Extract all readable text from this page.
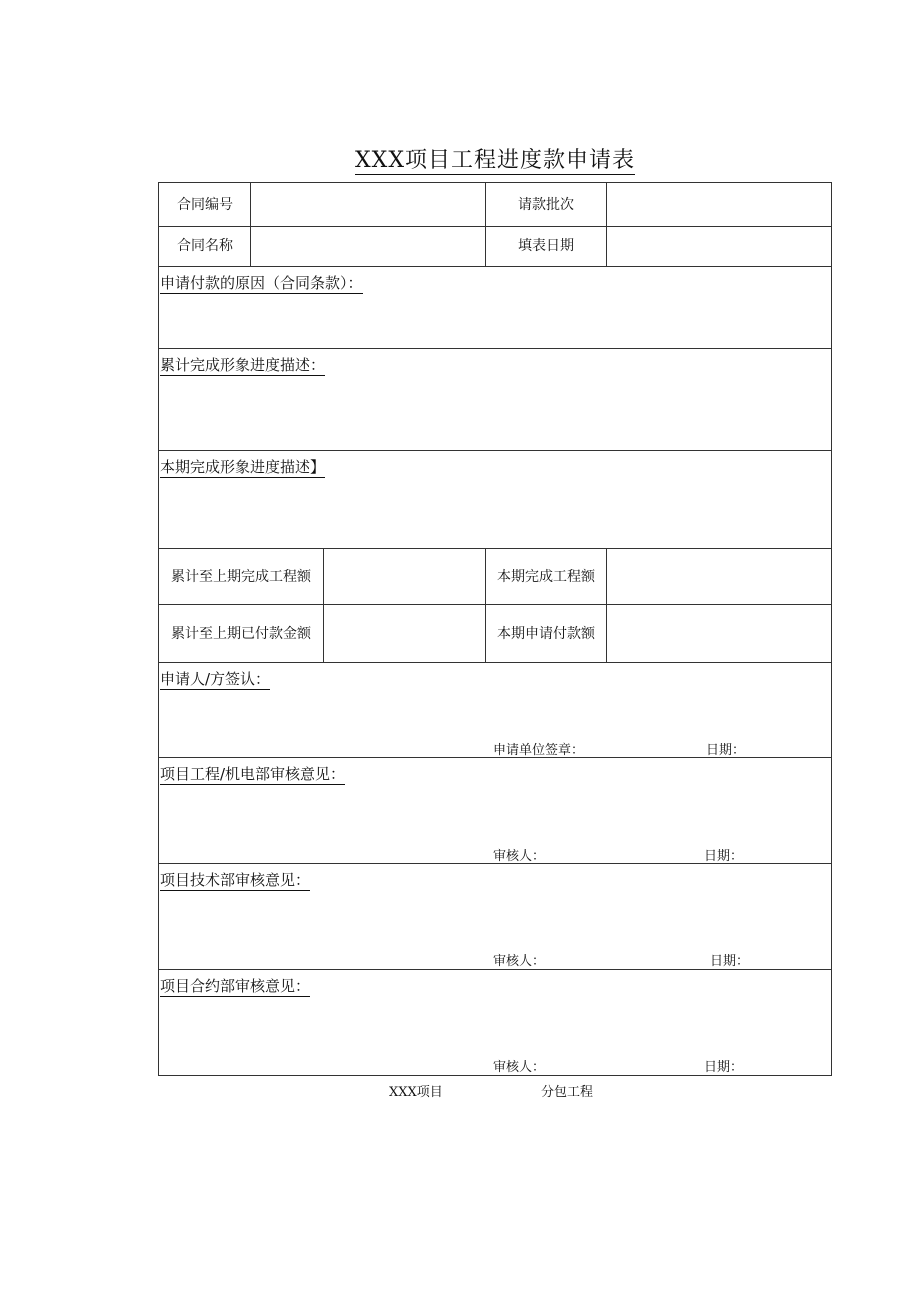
XXX项目工程进度款申请表
合同编号	请款批次
合同名称	填表日期
申请付款的原因（合同条款）：
累计完成形象进度描述：
本期完成形象进度描述】
累计至上期完成工程额	本期完成工程额
累计至上期已付款金额	本期申请付款额
申请人/方签认：
申请单位签章：	日期：
项目工程/机电部审核意见：
审核人：	日期：
项目技术部审核意见：
审核人：	日期：
项目合约部审核意见：
审核人：	日期：
XXX项目	分包工程
